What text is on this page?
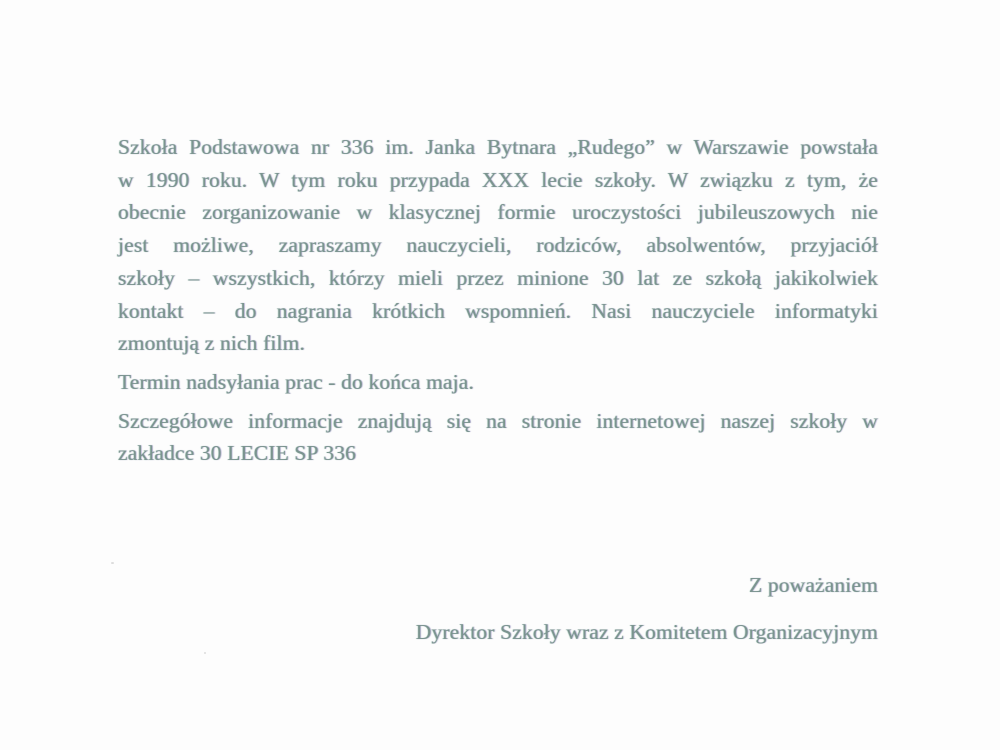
Szkoła Podstawowa nr 336 im. Janka Bytnara „Rudego” w Warszawie powstała
w 1990 roku. W tym roku przypada XXX lecie szkoły. W związku z tym, że
obecnie zorganizowanie w klasycznej formie uroczystości jubileuszowych nie
jest możliwe, zapraszamy nauczycieli, rodziców, absolwentów, przyjaciół
szkoły – wszystkich, którzy mieli przez minione 30 lat ze szkołą jakikolwiek
kontakt – do nagrania krótkich wspomnień. Nasi nauczyciele informatyki
zmontują z nich film.
Termin nadsyłania prac - do końca maja.
Szczegółowe informacje znajdują się na stronie internetowej naszej szkoły w
zakładce 30 LECIE SP 336
Z poważaniem
Dyrektor Szkoły wraz z Komitetem Organizacyjnym
